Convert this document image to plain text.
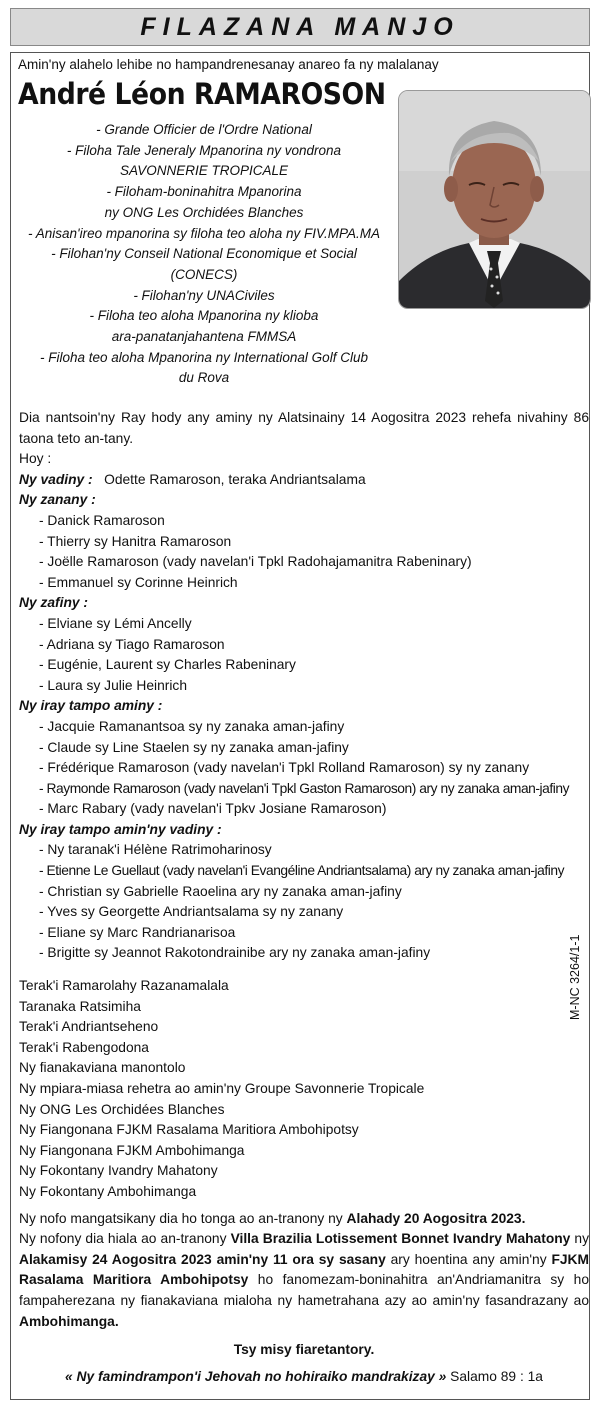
FILAZANA MANJO
Amin'ny alahelo lehibe no hampandrenesanay anareo fa ny malalanay
André Léon RAMAROSON
- Grande Officier de l'Ordre National
- Filoha Tale Jeneraly Mpanorina ny vondrona
SAVONNERIE TROPICALE
- Filoham-boninahitra Mpanorina
ny ONG Les Orchidées Blanches
- Anisan'ireo mpanorina sy filoha teo aloha ny FIV.MPA.MA
- Filohan'ny Conseil National Economique et Social
(CONECS)
- Filohan'ny UNACiviles
- Filoha teo aloha Mpanorina ny klioba
ara-panatanjahantena FMMSA
- Filoha teo aloha Mpanorina ny International Golf Club
du Rova

Dia nantsoin'ny Ray hody any aminy ny Alatsinainy 14 Aogositra 2023 rehefa nivahiny 86 taona teto an-tany.

Hoy :
Ny vadiny : Odette Ramaroson, teraka Andriantsalama
Ny zanany :
- Danick Ramaroson
- Thierry sy Hanitra Ramaroson
- Joëlle Ramaroson (vady navelan'i Tpkl Radohajamanitra Rabeninary)
- Emmanuel sy Corinne Heinrich
Ny zafiny :
- Elviane sy Lémi Ancelly
- Adriana sy Tiago Ramaroson
- Eugénie, Laurent sy Charles Rabeninary
- Laura sy Julie Heinrich
Ny iray tampo aminy :
- Jacquie Ramanantsoa sy ny zanaka aman-jafiny
- Claude sy Line Staelen sy ny zanaka aman-jafiny
- Frédérique Ramaroson (vady navelan'i Tpkl Rolland Ramaroson) sy ny zanany
- Raymonde Ramaroson (vady navelan'i Tpkl Gaston Ramaroson) ary ny zanaka aman-jafiny
- Marc Rabary (vady navelan'i Tpkv Josiane Ramaroson)
Ny iray tampo amin'ny vadiny :
- Ny taranak'i Hélène Ratrimoharinosy
- Etienne Le Guellaut (vady navelan'i Evangéline Andriantsalama) ary ny zanaka aman-jafiny
- Christian sy Gabrielle Raoelina ary ny zanaka aman-jafiny
- Yves sy Georgette Andriantsalama sy ny zanany
- Eliane sy Marc Randrianarisoa
- Brigitte sy Jeannot Rakotondrainibe ary ny zanaka aman-jafiny
Terak'i Ramarolahy Razanamalala
Taranaka Ratsimiha
Terak'i Andriantseheno
Terak'i Rabengodona
Ny fianakaviana manontolo
Ny mpiara-miasa rehetra ao amin'ny Groupe Savonnerie Tropicale
Ny ONG Les Orchidées Blanches
Ny Fiangonana FJKM Rasalama Maritiora Ambohipotsy
Ny Fiangonana FJKM Ambohimanga
Ny Fokontany Ivandry Mahatony
Ny Fokontany Ambohimanga

Ny nofo mangatsikany dia ho tonga ao an-tranony ny Alahady 20 Aogositra 2023.

Ny nofony dia hiala ao an-tranony Villa Brazilia Lotissement Bonnet Ivandry Mahatony ny Alakamisy 24 Aogositra 2023 amin'ny 11 ora sy sasany ary hoentina any amin'ny FJKM Rasalama Maritiora Ambohipotsy ho fanomezam-boninahitra an'Andriamanitra sy ho fampaherezana ny fianakaviana mialoha ny hametrahana azy ao amin'ny fasandrazany ao Ambohimanga.

Tsy misy fiaretantory.
« Ny famindrampon'i Jehovah no hohiraiko mandrakizay » Salamo 89 : 1a
M-NC 3264/1-1
